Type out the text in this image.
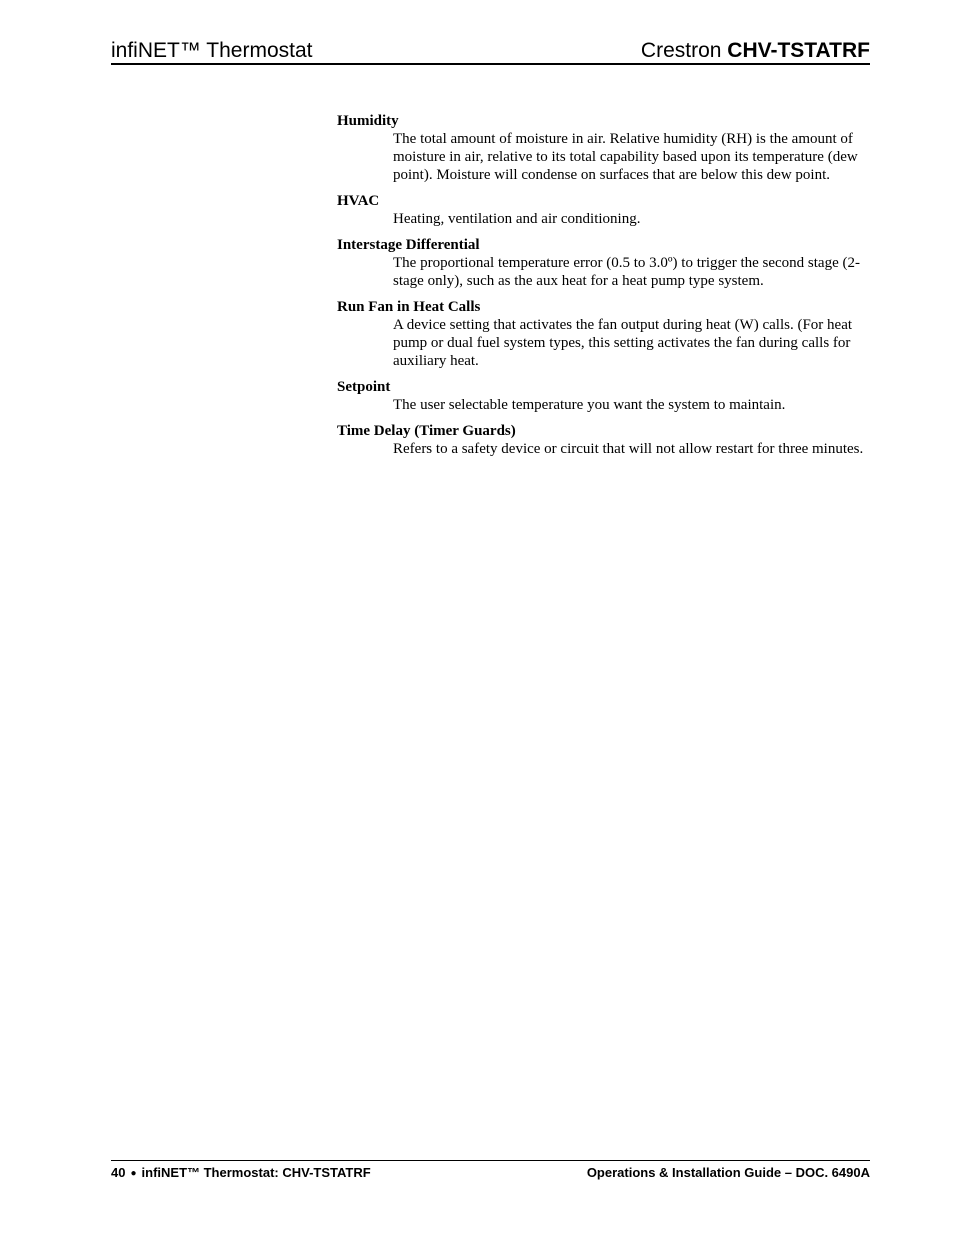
infiNET™ Thermostat	Crestron CHV-TSTATRF
Humidity
The total amount of moisture in air. Relative humidity (RH) is the amount of moisture in air, relative to its total capability based upon its temperature (dew point). Moisture will condense on surfaces that are below this dew point.
HVAC
Heating, ventilation and air conditioning.
Interstage Differential
The proportional temperature error (0.5 to 3.0º) to trigger the second stage (2-stage only), such as the aux heat for a heat pump type system.
Run Fan in Heat Calls
A device setting that activates the fan output during heat (W) calls. (For heat pump or dual fuel system types, this setting activates the fan during calls for auxiliary heat.
Setpoint
The user selectable temperature you want the system to maintain.
Time Delay (Timer Guards)
Refers to a safety device or circuit that will not allow restart for three minutes.
40 ● infiNET™ Thermostat: CHV-TSTATRF	Operations & Installation Guide – DOC. 6490A
